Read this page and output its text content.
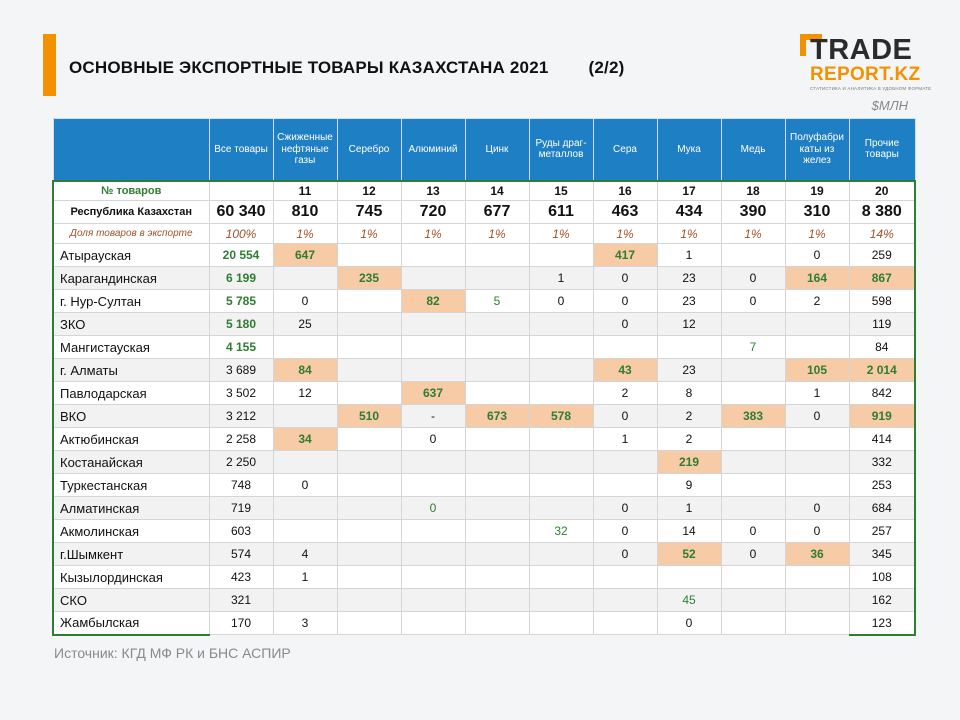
ОСНОВНЫЕ ЭКСПОРТНЫЕ ТОВАРЫ КАЗАХСТАНА 2021 (2/2)
TRADE
REPORT.KZ
СТАТИСТИКА И АНАЛИТИКА В УДОБНОМ ФОРМАТЕ
$МЛН
	Все товары	Сжиженные нефтяные газы	Серебро	Алюминий	Цинк	Руды драг-металлов	Сера	Мука	Медь	Полуфабри каты из желез	Прочие товары
№ товаров		11	12	13	14	15	16	17	18	19	20
Республика Казахстан	60 340	810	745	720	677	611	463	434	390	310	8 380
Доля товаров в экспорте	100%	1%	1%	1%	1%	1%	1%	1%	1%	1%	14%
Атырауская	20 554	647					417	1		0	259
Карагандинская	6 199		235			1	0	23	0	164	867
г. Нур-Султан	5 785	0		82	5	0	0	23	0	2	598
ЗКО	5 180	25					0	12			119
Мангистауская	4 155								7		84
г. Алматы	3 689	84					43	23		105	2 014
Павлодарская	3 502	12		637			2	8		1	842
ВКО	3 212		510	-	673	578	0	2	383	0	919
Актюбинская	2 258	34		0			1	2			414
Костанайская	2 250							219			332
Туркестанская	748	0						9			253
Алматинская	719			0			0	1		0	684
Акмолинская	603					32	0	14	0	0	257
г.Шымкент	574	4					0	52	0	36	345
Кызылординская	423	1									108
СКО	321							45			162
Жамбылская	170	3						0			123
Источник: КГД МФ РК и БНС АСПИР
